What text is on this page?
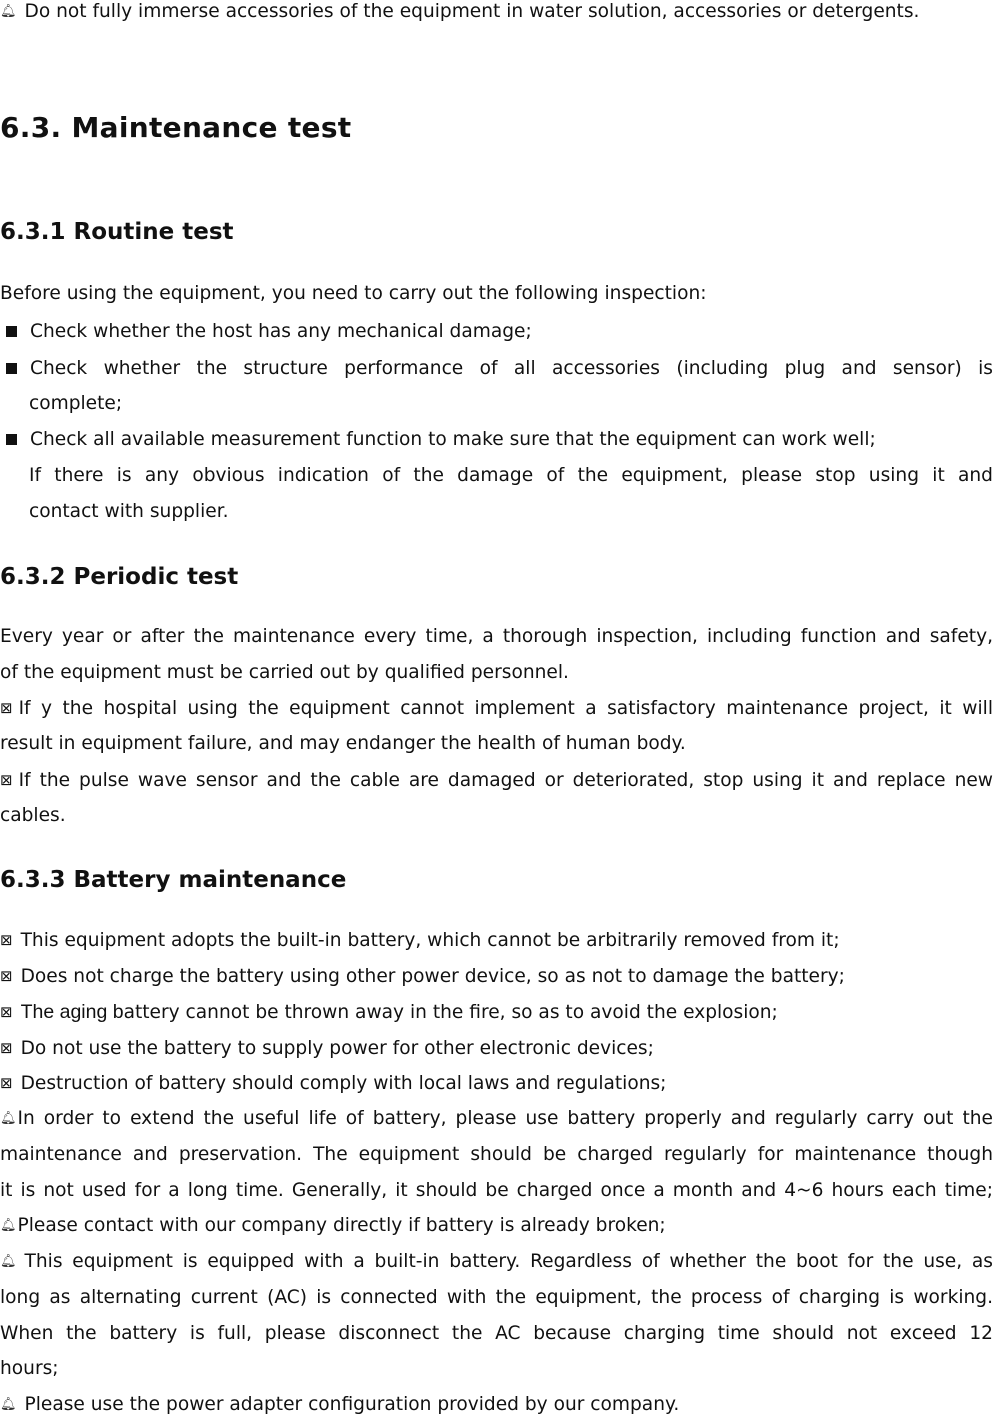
🔔︎ Do not fully immerse accessories of the equipment in water solution, accessories or detergents.
6.3. Maintenance test
6.3.1 Routine test
Before using the equipment, you need to carry out the following inspection:
Check whether the host has any mechanical damage;
Check whether the structure performance of all accessories (including plug and sensor) is
complete;
Check all available measurement function to make sure that the equipment can work well;
If there is any obvious indication of the damage of the equipment, please stop using it and
contact with supplier.
6.3.2 Periodic test
Every year or after the maintenance every time, a thorough inspection, including function and safety,
of the equipment must be carried out by qualified personnel.
⊠ If y the hospital using the equipment cannot implement a satisfactory maintenance project, it will
result in equipment failure, and may endanger the health of human body.
⊠ If the pulse wave sensor and the cable are damaged or deteriorated, stop using it and replace new
cables.
6.3.3 Battery maintenance
⊠ This equipment adopts the built-in battery, which cannot be arbitrarily removed from it;
⊠ Does not charge the battery using other power device, so as not to damage the battery;
⊠ The aging battery cannot be thrown away in the fire, so as to avoid the explosion;
⊠ Do not use the battery to supply power for other electronic devices;
⊠ Destruction of battery should comply with local laws and regulations;
🔔︎In order to extend the useful life of battery, please use battery properly and regularly carry out the
maintenance and preservation. The equipment should be charged regularly for maintenance though
it is not used for a long time. Generally, it should be charged once a month and 4~6 hours each time;
🔔︎Please contact with our company directly if battery is already broken;
🔔︎ This equipment is equipped with a built-in battery. Regardless of whether the boot for the use, as
long as alternating current (AC) is connected with the equipment, the process of charging is working.
When the battery is full, please disconnect the AC because charging time should not exceed 12
hours;
🔔︎ Please use the power adapter configuration provided by our company.
